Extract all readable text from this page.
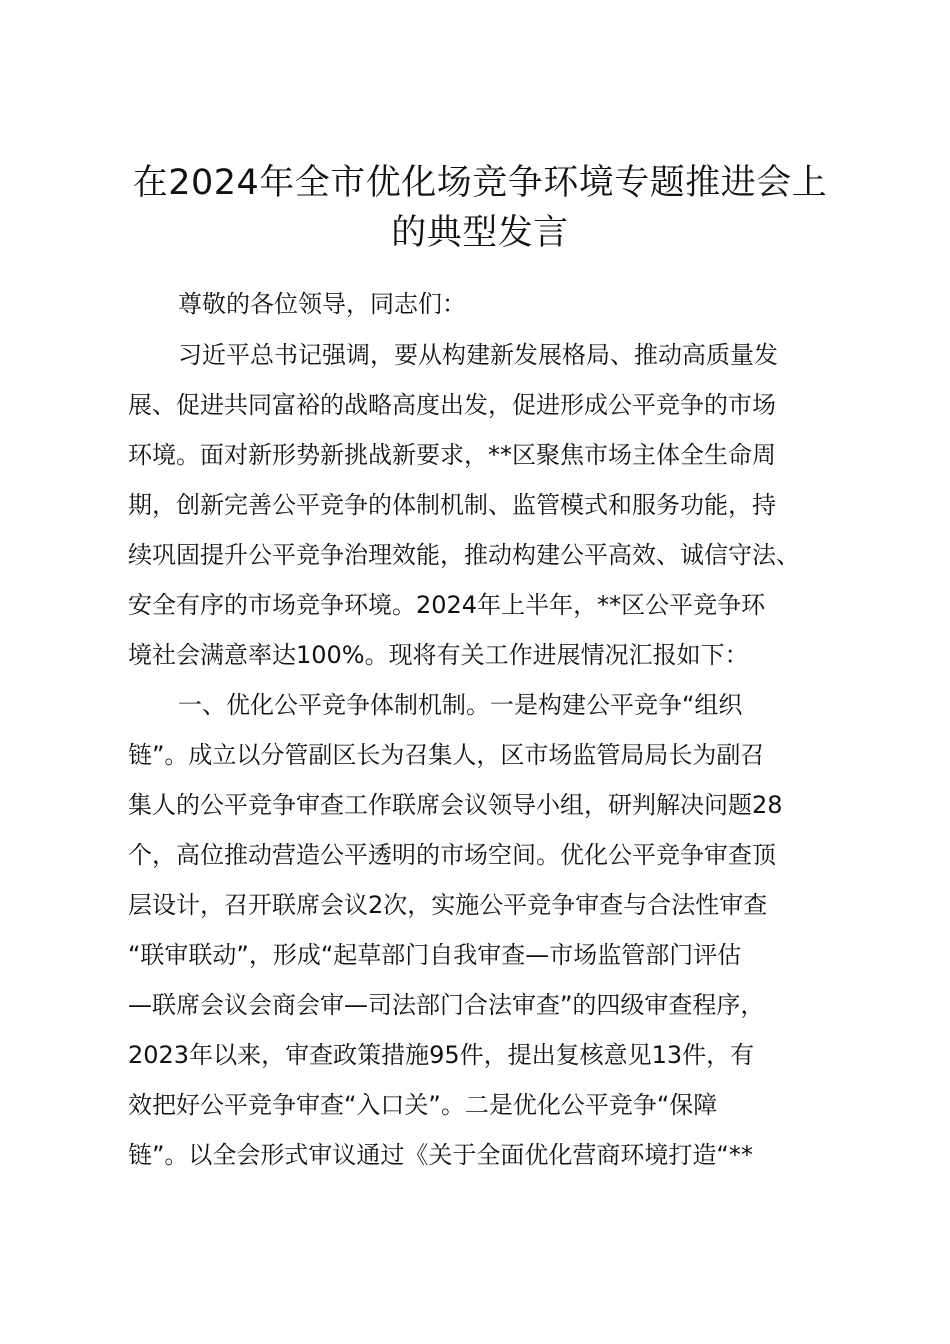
在2024年全市优化场竞争环境专题推进会上
的典型发言
尊敬的各位领导，同志们：
习近平总书记强调，要从构建新发展格局、推动高质量发
展、促进共同富裕的战略高度出发，促进形成公平竞争的市场
环境。面对新形势新挑战新要求，**区聚焦市场主体全生命周
期，创新完善公平竞争的体制机制、监管模式和服务功能，持
续巩固提升公平竞争治理效能，推动构建公平高效、诚信守法、
安全有序的市场竞争环境。2024年上半年，**区公平竞争环
境社会满意率达100%。现将有关工作进展情况汇报如下：
一、优化公平竞争体制机制。一是构建公平竞争“组织
链”。成立以分管副区长为召集人，区市场监管局局长为副召
集人的公平竞争审查工作联席会议领导小组，研判解决问题28
个，高位推动营造公平透明的市场空间。优化公平竞争审查顶
层设计，召开联席会议2次，实施公平竞争审查与合法性审查
“联审联动”，形成“起草部门自我审查—市场监管部门评估
—联席会议会商会审—司法部门合法审查”的四级审查程序，
2023年以来，审查政策措施95件，提出复核意见13件，有
效把好公平竞争审查“入口关”。二是优化公平竞争“保障
链”。以全会形式审议通过《关于全面优化营商环境打造“**
